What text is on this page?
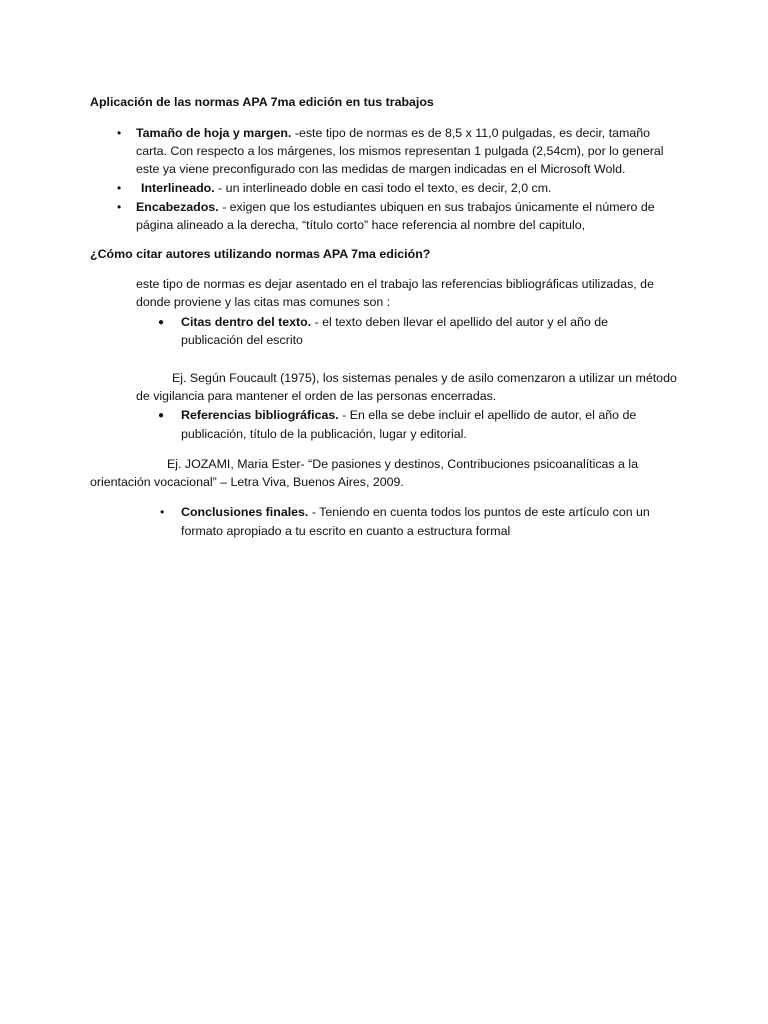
Aplicación de las normas APA 7ma edición en tus trabajos
• Tamaño de hoja y margen. -este tipo de normas es de 8,5 x 11,0 pulgadas, es decir, tamaño
carta. Con respecto a los márgenes, los mismos representan 1 pulgada (2,54cm), por lo general
este ya viene preconfigurado con las medidas de margen indicadas en el Microsoft Wold.
• Interlineado. - un interlineado doble en casi todo el texto, es decir, 2,0 cm.
• Encabezados. - exigen que los estudiantes ubiquen en sus trabajos únicamente el número de
página alineado a la derecha, “título corto” hace referencia al nombre del capitulo,
¿Cómo citar autores utilizando normas APA 7ma edición?
este tipo de normas es dejar asentado en el trabajo las referencias bibliográficas utilizadas, de
donde proviene y las citas mas comunes son :
● Citas dentro del texto. - el texto deben llevar el apellido del autor y el año de
publicación del escrito
Ej. Según Foucault (1975), los sistemas penales y de asilo comenzaron a utilizar un método
de vigilancia para mantener el orden de las personas encerradas.
● Referencias bibliográficas. - En ella se debe incluir el apellido de autor, el año de
publicación, título de la publicación, lugar y editorial.
Ej. JOZAMI, Maria Ester- “De pasiones y destinos, Contribuciones psicoanalíticas a la
orientación vocacional” – Letra Viva, Buenos Aires, 2009.
• Conclusiones finales. - Teniendo en cuenta todos los puntos de este artículo con un
formato apropiado a tu escrito en cuanto a estructura formal
